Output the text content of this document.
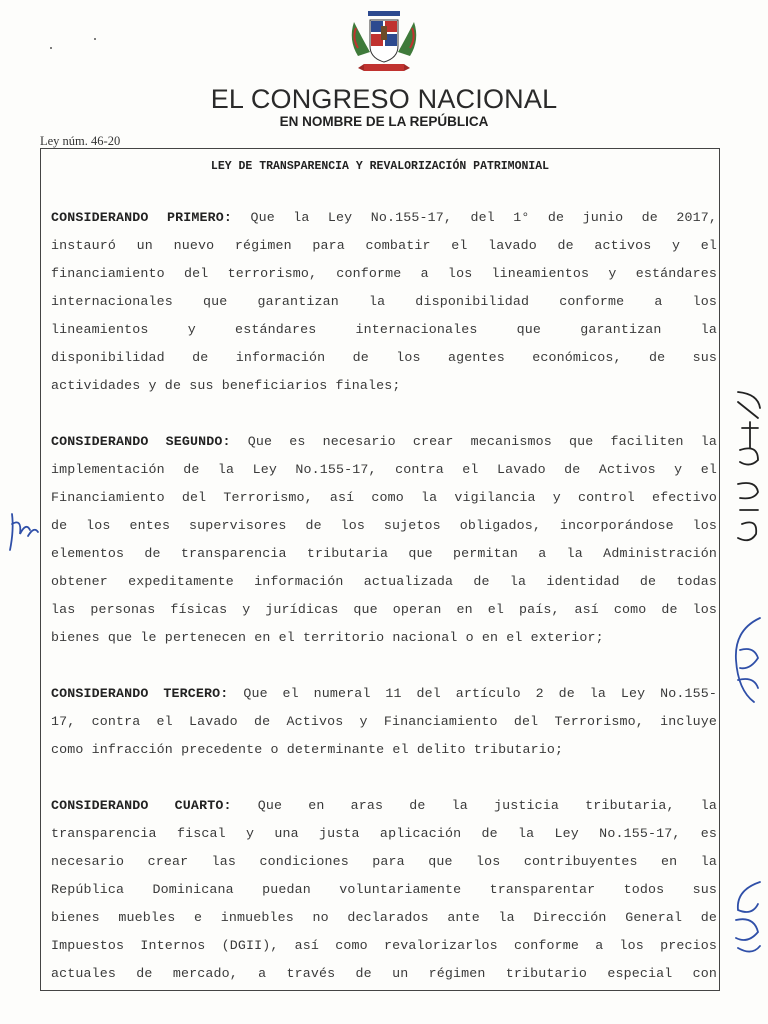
EL CONGRESO NACIONAL
EN NOMBRE DE LA REPÚBLICA
Ley núm. 46-20
LEY DE TRANSPARENCIA Y REVALORIZACIÓN PATRIMONIAL
CONSIDERANDO PRIMERO: Que la Ley No.155-17, del 1° de junio de 2017,
instauró un nuevo régimen para combatir el lavado de activos y el
financiamiento del terrorismo, conforme a los lineamientos y estándares
internacionales que garantizan la disponibilidad conforme a los
lineamientos y estándares internacionales que garantizan la
disponibilidad de información de los agentes económicos, de sus
actividades y de sus beneficiarios finales;
CONSIDERANDO SEGUNDO: Que es necesario crear mecanismos que faciliten la
implementación de la Ley No.155-17, contra el Lavado de Activos y el
Financiamiento del Terrorismo, así como la vigilancia y control efectivo
de los entes supervisores de los sujetos obligados, incorporándose los
elementos de transparencia tributaria que permitan a la Administración
obtener expeditamente información actualizada de la identidad de todas
las personas físicas y jurídicas que operan en el país, así como de los
bienes que le pertenecen en el territorio nacional o en el exterior;
CONSIDERANDO TERCERO: Que el numeral 11 del artículo 2 de la Ley No.155-
17, contra el Lavado de Activos y Financiamiento del Terrorismo, incluye
como infracción precedente o determinante el delito tributario;
CONSIDERANDO CUARTO: Que en aras de la justicia tributaria, la
transparencia fiscal y una justa aplicación de la Ley No.155-17, es
necesario crear las condiciones para que los contribuyentes en la
República Dominicana puedan voluntariamente transparentar todos sus
bienes muebles e inmuebles no declarados ante la Dirección General de
Impuestos Internos (DGII), así como revalorizarlos conforme a los precios
actuales de mercado, a través de un régimen tributario especial con
